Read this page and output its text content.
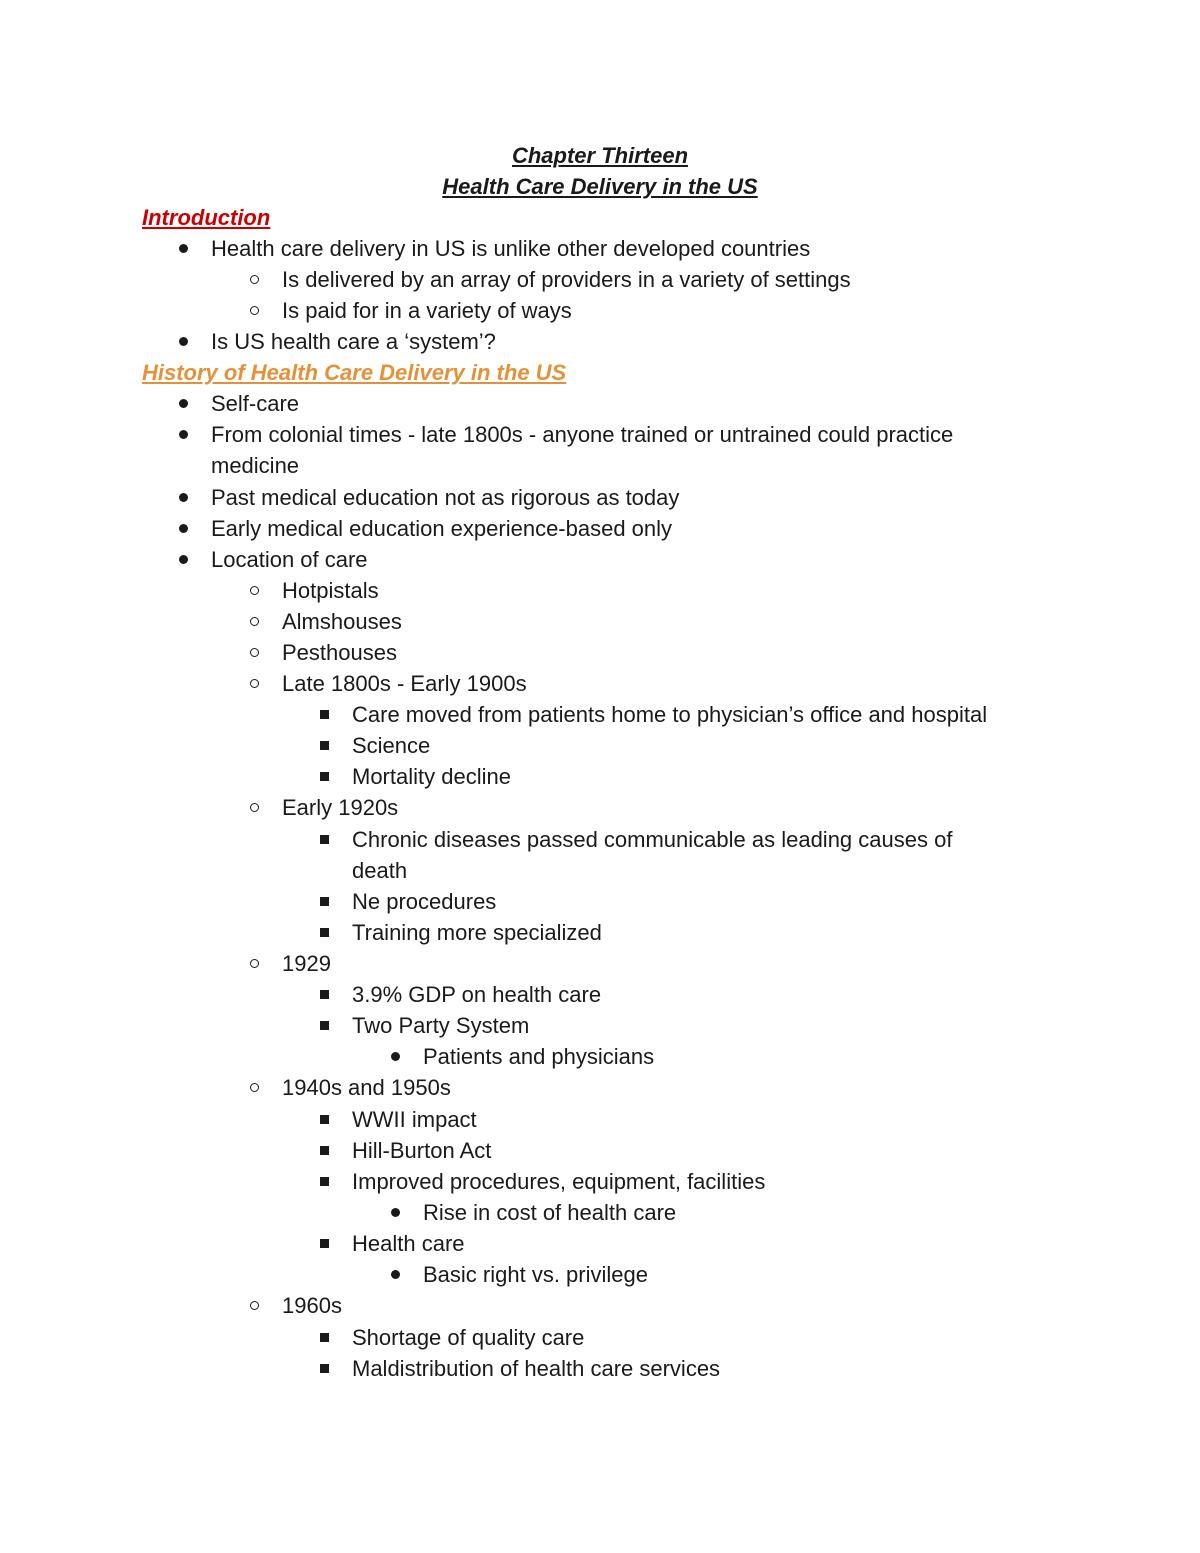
Chapter Thirteen
Health Care Delivery in the US
Introduction
Health care delivery in US is unlike other developed countries
Is delivered by an array of providers in a variety of settings
Is paid for in a variety of ways
Is US health care a ‘system’?
History of Health Care Delivery in the US
Self-care
From colonial times - late 1800s - anyone trained or untrained could practice
medicine
Past medical education not as rigorous as today
Early medical education experience-based only
Location of care
Hotpistals
Almshouses
Pesthouses
Late 1800s - Early 1900s
Care moved from patients home to physician’s office and hospital
Science
Mortality decline
Early 1920s
Chronic diseases passed communicable as leading causes of
death
Ne procedures
Training more specialized
1929
3.9% GDP on health care
Two Party System
Patients and physicians
1940s and 1950s
WWII impact
Hill-Burton Act
Improved procedures, equipment, facilities
Rise in cost of health care
Health care
Basic right vs. privilege
1960s
Shortage of quality care
Maldistribution of health care services
